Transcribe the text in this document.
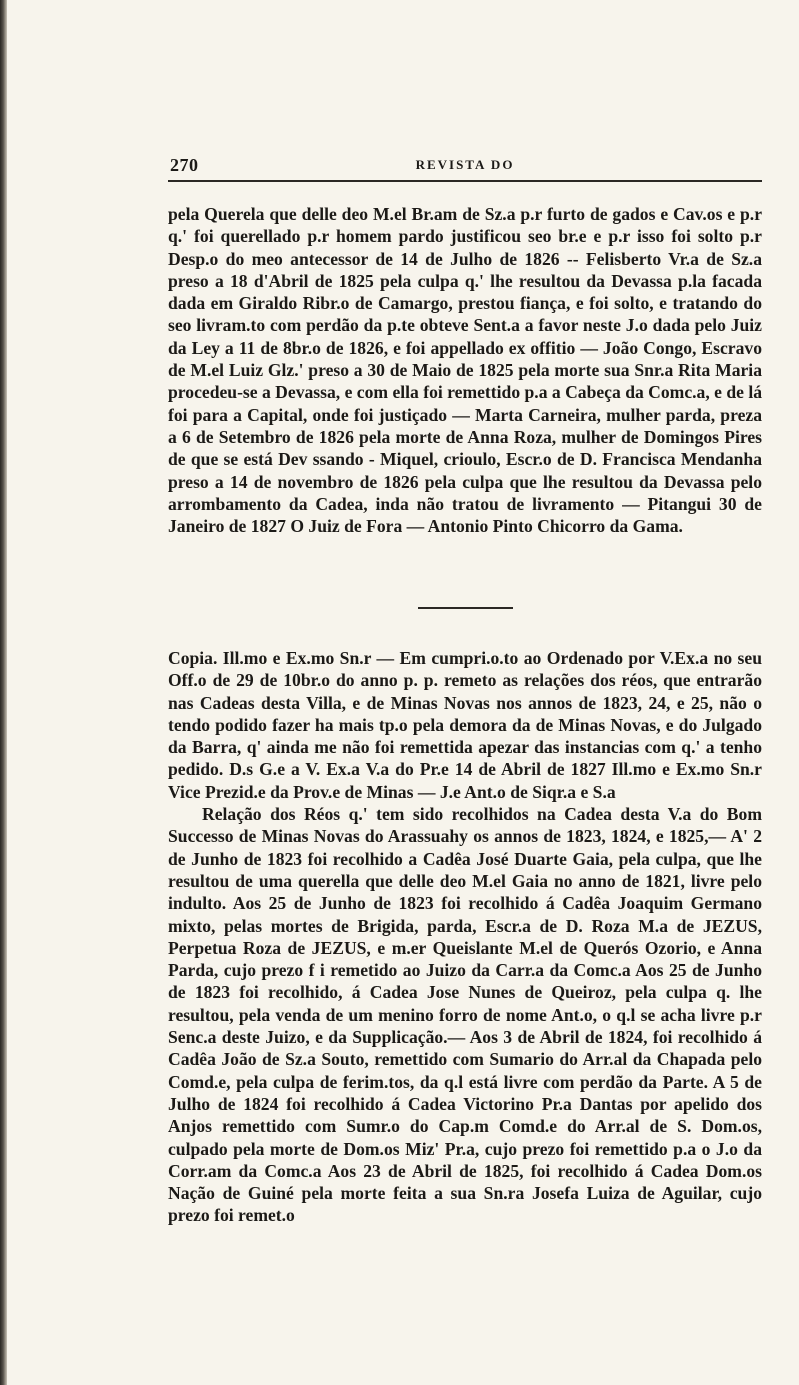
270	REVISTA DO

pela Querela que delle deo M.el Br.am de Sz.a p.r furto de gados e Cav.os e p.r q.' foi querellado p.r homem pardo justificou seo br.e e p.r isso foi solto p.r Desp.o do meo antecessor de 14 de Julho de 1826 -- Felisberto Vr.a de Sz.a preso a 18 d'Abril de 1825 pela culpa q.' lhe resultou da Devassa p.la facada dada em Giraldo Ribr.o de Camargo, prestou fiança, e foi solto, e tratando do seo livram.to com perdão da p.te obteve Sent.a a favor neste J.o dada pelo Juiz da Ley a 11 de 8br.o de 1826, e foi appellado ex offitio — João Congo, Escravo de M.el Luiz Glz.' preso a 30 de Maio de 1825 pela morte sua Snr.a Rita Maria procedeu-se a Devassa, e com ella foi remettido p.a a Cabeça da Comc.a, e de lá foi para a Capital, onde foi justiçado — Marta Carneira, mulher parda, preza a 6 de Setembro de 1826 pela morte de Anna Roza, mulher de Domingos Pires de que se está Dev ssando - Miquel, crioulo, Escr.o de D. Francisca Mendanha preso a 14 de novembro de 1826 pela culpa que lhe resultou da Devassa pelo arrombamento da Cadea, inda não tratou de livramento — Pitangui 30 de Janeiro de 1827 O Juiz de Fora — Antonio Pinto Chicorro da Gama.

Copia. Ill.mo e Ex.mo Sn.r — Em cumpri.o.to ao Ordenado por V.Ex.a no seu Off.o de 29 de 10br.o do anno p. p. remeto as relações dos réos, que entrarão nas Cadeas desta Villa, e de Minas Novas nos annos de 1823, 24, e 25, não o tendo podido fazer ha mais tp.o pela demora da de Minas Novas, e do Julgado da Barra, q' ainda me não foi remettida apezar das instancias com q.' a tenho pedido. D.s G.e a V. Ex.a V.a do Pr.e 14 de Abril de 1827 Ill.mo e Ex.mo Sn.r Vice Prezid.e da Prov.e de Minas — J.e Ant.o de Siqr.a e S.a

Relação dos Réos q.' tem sido recolhidos na Cadea desta V.a do Bom Successo de Minas Novas do Arassuahy os annos de 1823, 1824, e 1825,— A' 2 de Junho de 1823 foi recolhido a Cadêa José Duarte Gaia, pela culpa, que lhe resultou de uma querella que delle deo M.el Gaia no anno de 1821, livre pelo indulto. Aos 25 de Junho de 1823 foi recolhido á Cadêa Joaquim Germano mixto, pelas mortes de Brigida, parda, Escr.a de D. Roza M.a de JEZUS, Perpetua Roza de JEZUS, e m.er Queislante M.el de Querós Ozorio, e Anna Parda, cujo prezo f i remetido ao Juizo da Carr.a da Comc.a Aos 25 de Junho de 1823 foi recolhido, á Cadea Jose Nunes de Queiroz, pela culpa q. lhe resultou, pela venda de um menino forro de nome Ant.o, o q.l se acha livre p.r Senc.a deste Juizo, e da Supplicação.— Aos 3 de Abril de 1824, foi recolhido á Cadêa João de Sz.a Souto, remettido com Sumario do Arr.al da Chapada pelo Comd.e, pela culpa de ferim.tos, da q.l está livre com perdão da Parte. A 5 de Julho de 1824 foi recolhido á Cadea Victorino Pr.a Dantas por apelido dos Anjos remettido com Sumr.o do Cap.m Comd.e do Arr.al de S. Dom.os, culpado pela morte de Dom.os Miz' Pr.a, cujo prezo foi remettido p.a o J.o da Corr.am da Comc.a Aos 23 de Abril de 1825, foi recolhido á Cadea Dom.os Nação de Guiné pela morte feita a sua Sn.ra Josefa Luiza de Aguilar, cujo prezo foi remet.o
